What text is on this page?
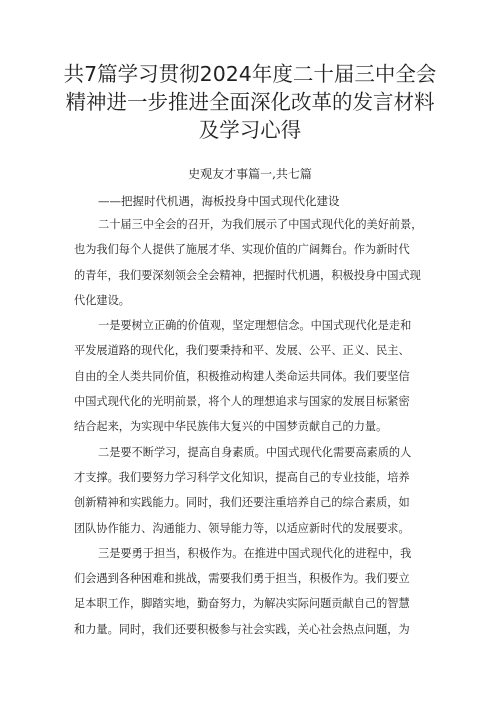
共7篇学习贯彻2024年度二十届三中全会
精神进一步推进全面深化改革的发言材料
及学习心得
史观友才事篇一,共七篇
——把握时代机遇，海板投身中国式现代化建设
二十届三中全会的召开，为我们展示了中国式现代化的美好前景，
也为我们每个人提供了施展才华、实现价值的广阔舞台。作为新时代
的青年，我们要深刻领会全会精神，把握时代机遇，积极投身中国式现
代化建设。
一是要树立正确的价值观，坚定理想信念。中国式现代化是走和
平发展道路的现代化，我们要秉持和平、发展、公平、正义、民主、
自由的全人类共同价值，积极推动构建人类命运共同体。我们要坚信
中国式现代化的光明前景，将个人的理想追求与国家的发展目标紧密
结合起来，为实现中华民族伟大复兴的中国梦贡献自己的力量。
二是要不断学习，提高自身素质。中国式现代化需要高素质的人
才支撑。我们要努力学习科学文化知识，提高自己的专业技能，培养
创新精神和实践能力。同时，我们还要注重培养自己的综合素质，如
团队协作能力、沟通能力、领导能力等，以适应新时代的发展要求。
三是要勇于担当，积极作为。在推进中国式现代化的进程中，我
们会遇到各种困难和挑战，需要我们勇于担当，积极作为。我们要立
足本职工作，脚踏实地，勤奋努力，为解决实际问题贡献自己的智慧
和力量。同时，我们还要积极参与社会实践，关心社会热点问题，为
